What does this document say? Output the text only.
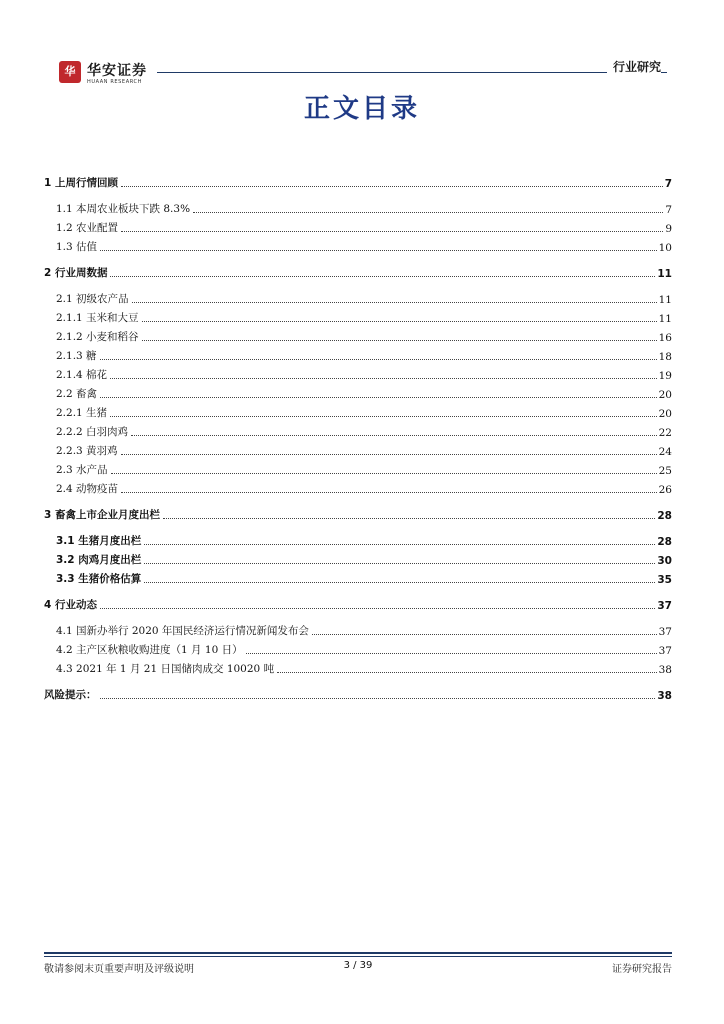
华 华安证券
HUAAN RESEARCH
行业研究
正文目录
1 上周行情回顾	7
1.1 本周农业板块下跌 8.3%	7
1.2 农业配置	9
1.3 估值	10
2 行业周数据	11
2.1 初级农产品	11
2.1.1 玉米和大豆	11
2.1.2 小麦和稻谷	16
2.1.3 糖	18
2.1.4 棉花	19
2.2 畜禽	20
2.2.1 生猪	20
2.2.2 白羽肉鸡	22
2.2.3 黄羽鸡	24
2.3 水产品	25
2.4 动物疫苗	26
3 畜禽上市企业月度出栏	28
3.1 生猪月度出栏	28
3.2 肉鸡月度出栏	30
3.3 生猪价格估算	35
4 行业动态	37
4.1 国新办举行 2020 年国民经济运行情况新闻发布会	37
4.2 主产区秋粮收购进度（1 月 10 日）	37
4.3 2021 年 1 月 21 日国储肉成交 10020 吨	38
风险提示：	38
敬请参阅末页重要声明及评级说明	3 / 39	证券研究报告
